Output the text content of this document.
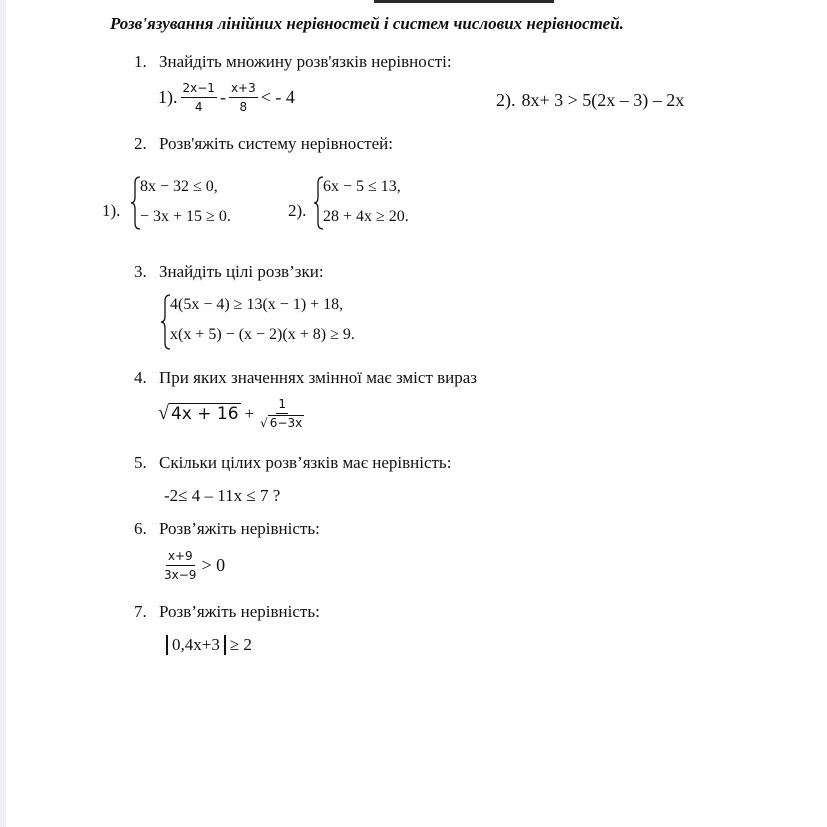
Розв'язування лінійних нерівностей і систем числових нерівностей.
1. Знайдіть множину розв'язків нерівності:
1). $\frac{2x-1}{4} - \frac{x+3}{8}$ < - 4	2). 8x+ 3 > 5(2x – 3) – 2x
2. Розв'яжіть систему нерівностей:
1).
8x − 32 ≤ 0,
− 3x + 15 ≥ 0.	2).
6x − 5 ≤ 13,
28 + 4x ≥ 20.
3. Знайдіть цілі розв’зки:
4(5x − 4) ≥ 13(x − 1) + 18,
x(x + 5) − (x − 2)(x + 8) ≥ 9.
4. При яких значеннях змінної має зміст вираз
√ $4x + 16 + \frac{1}{√ 6-3x}$
5. Скільки цілих розв’язків має нерівність:
-2≤ 4 – 11x ≤ 7 ?
6. Розв’яжіть нерівність:
$\frac{x+9}{3x-9} > 0$
7. Розв’яжіть нерівність:
0,4x+3 ≥ 2
